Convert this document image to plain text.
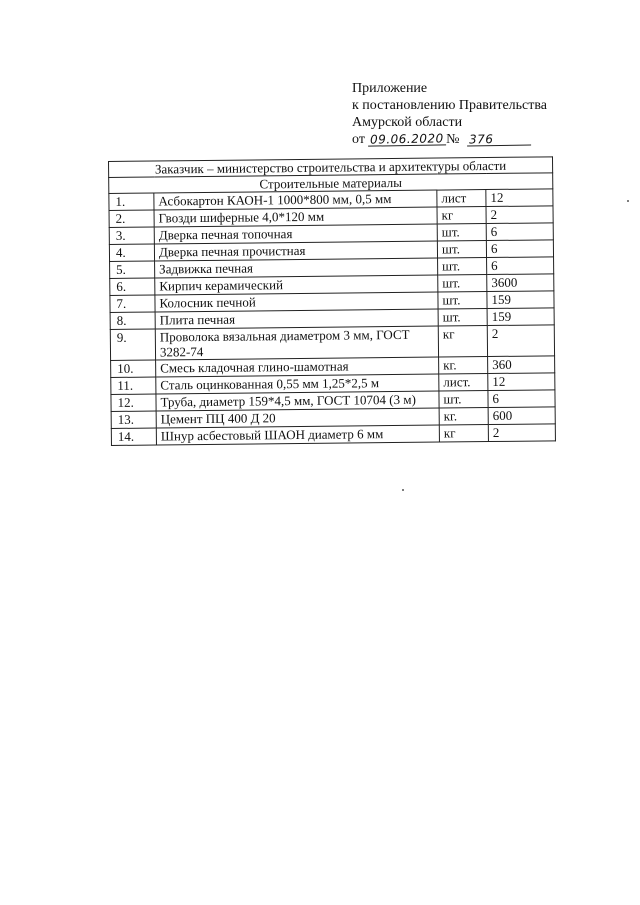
Приложение
к постановлению Правительства
Амурской области
от 09.06.2020 № 376
Заказчик – министерство строительства и архитектуры области			
Строительные материалы			
1.	Асбокартон КАОН-1 1000*800 мм, 0,5 мм	лист	12
2.	Гвозди шиферные 4,0*120 мм	кг	2
3.	Дверка печная топочная	шт.	6
4.	Дверка печная прочистная	шт.	6
5.	Задвижка печная	шт.	6
6.	Кирпич керамический	шт.	3600
7.	Колосник печной	шт.	159
8.	Плита печная	шт.	159
9.	Проволока вязальная диаметром 3 мм, ГОСТ 3282-74	кг	2
10.	Смесь кладочная глино-шамотная	кг.	360
11.	Сталь оцинкованная 0,55 мм 1,25*2,5 м	лист.	12
12.	Труба, диаметр 159*4,5 мм, ГОСТ 10704 (3 м)	шт.	6
13.	Цемент ПЦ 400 Д 20	кг.	600
14.	Шнур асбестовый ШАОН диаметр 6 мм	кг	2
